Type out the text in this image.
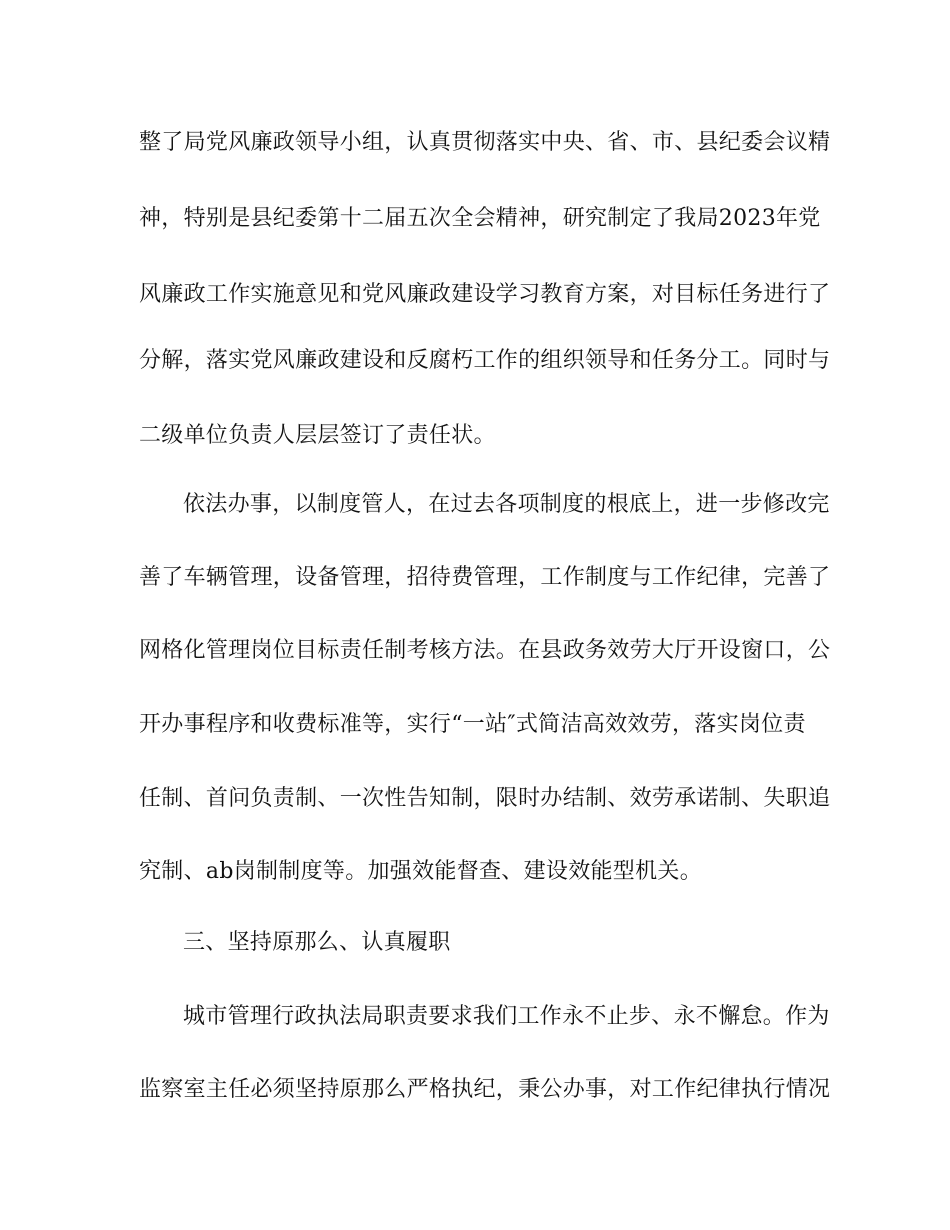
整了局党风廉政领导小组，认真贯彻落实中央、省、市、县纪委会议精
神，特别是县纪委第十二届五次全会精神，研究制定了我局2023年党
风廉政工作实施意见和党风廉政建设学习教育方案，对目标任务进行了
分解，落实党风廉政建设和反腐朽工作的组织领导和任务分工。同时与
二级单位负责人层层签订了责任状。
依法办事，以制度管人，在过去各项制度的根底上，进一步修改完
善了车辆管理，设备管理，招待费管理，工作制度与工作纪律，完善了
网格化管理岗位目标责任制考核方法。在县政务效劳大厅开设窗口，公
开办事程序和收费标准等，实行“一站″式简洁高效效劳，落实岗位责
任制、首问负责制、一次性告知制，限时办结制、效劳承诺制、失职追
究制、ab岗制制度等。加强效能督查、建设效能型机关。
三、坚持原那么、认真履职
城市管理行政执法局职责要求我们工作永不止步、永不懈怠。作为
监察室主任必须坚持原那么严格执纪，秉公办事，对工作纪律执行情况
